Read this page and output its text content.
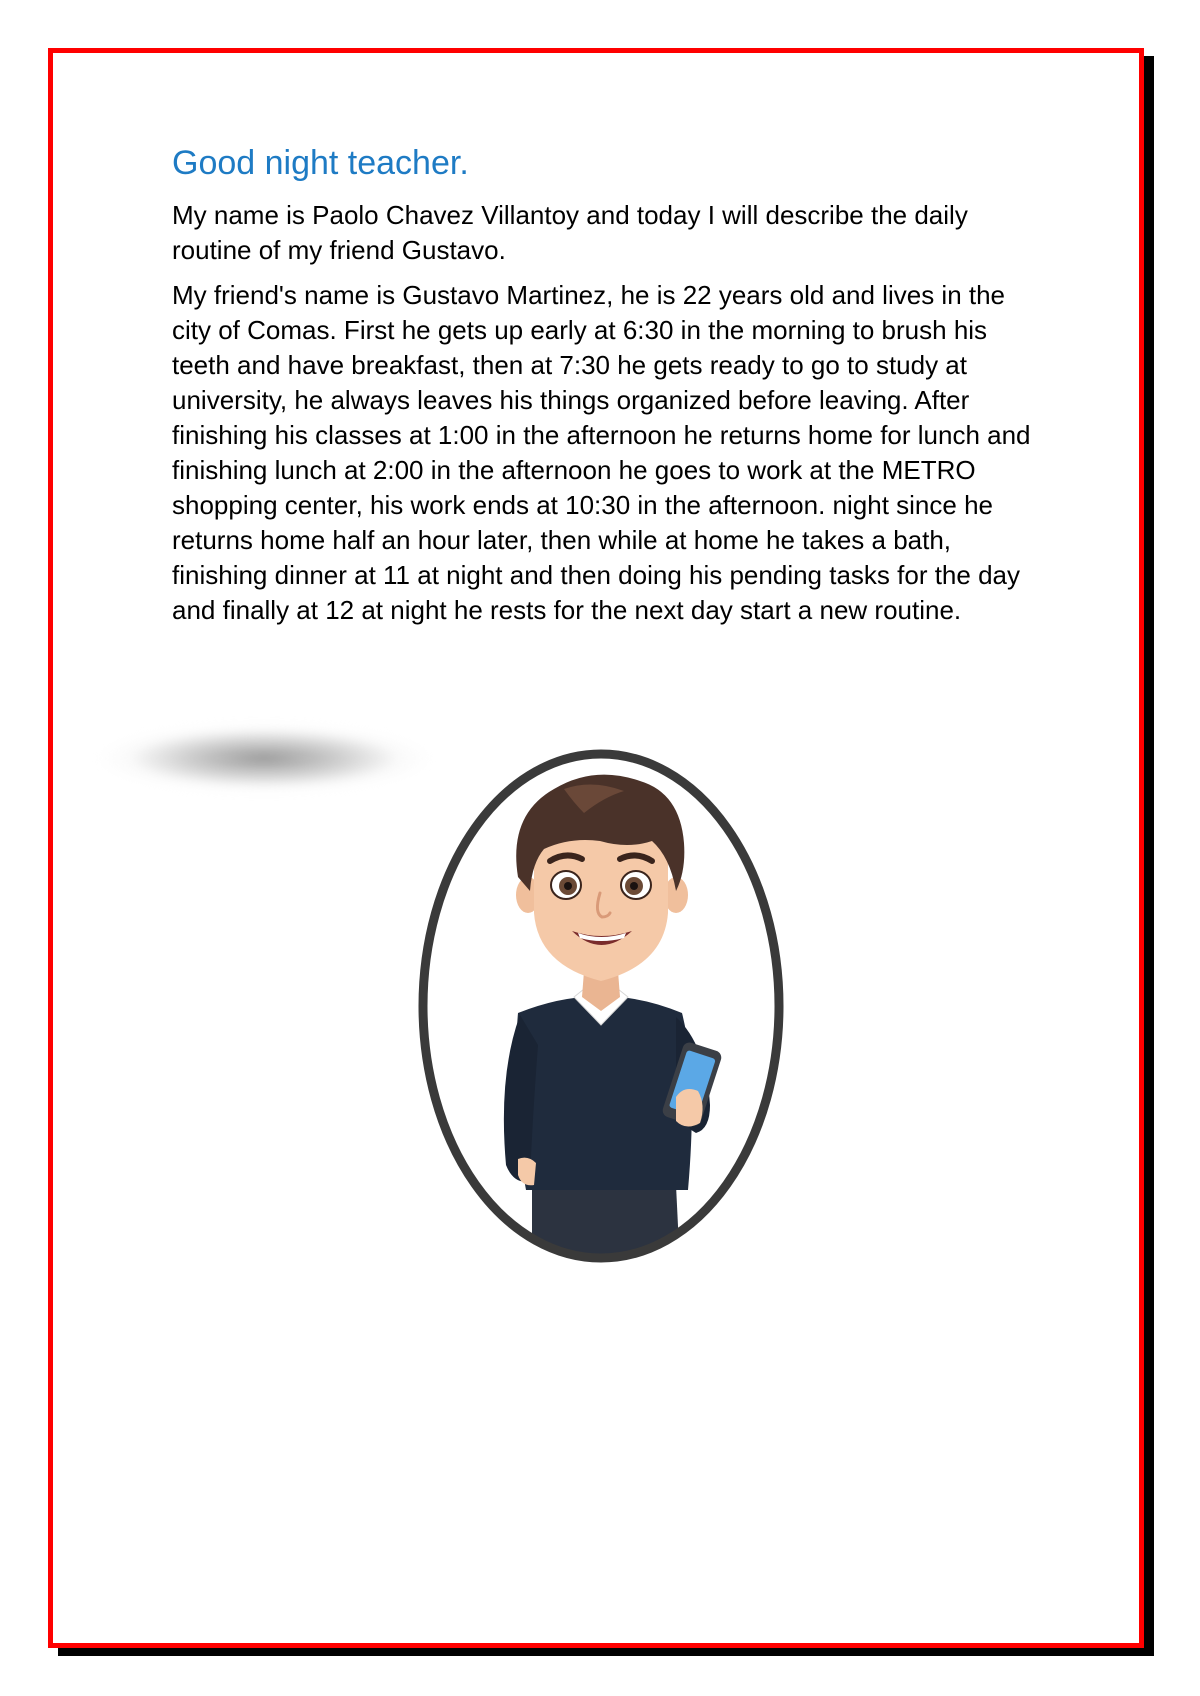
Good night teacher.

My name is Paolo Chavez Villantoy and today I will describe the daily routine of my friend Gustavo.

My friend's name is Gustavo Martinez, he is 22 years old and lives in the city of Comas. First he gets up early at 6:30 in the morning to brush his teeth and have breakfast, then at 7:30 he gets ready to go to study at university, he always leaves his things organized before leaving. After finishing his classes at 1:00 in the afternoon he returns home for lunch and finishing lunch at 2:00 in the afternoon he goes to work at the METRO shopping center, his work ends at 10:30 in the afternoon. night since he returns home half an hour later, then while at home he takes a bath, finishing dinner at 11 at night and then doing his pending tasks for the day and finally at 12 at night he rests for the next day start a new routine.
